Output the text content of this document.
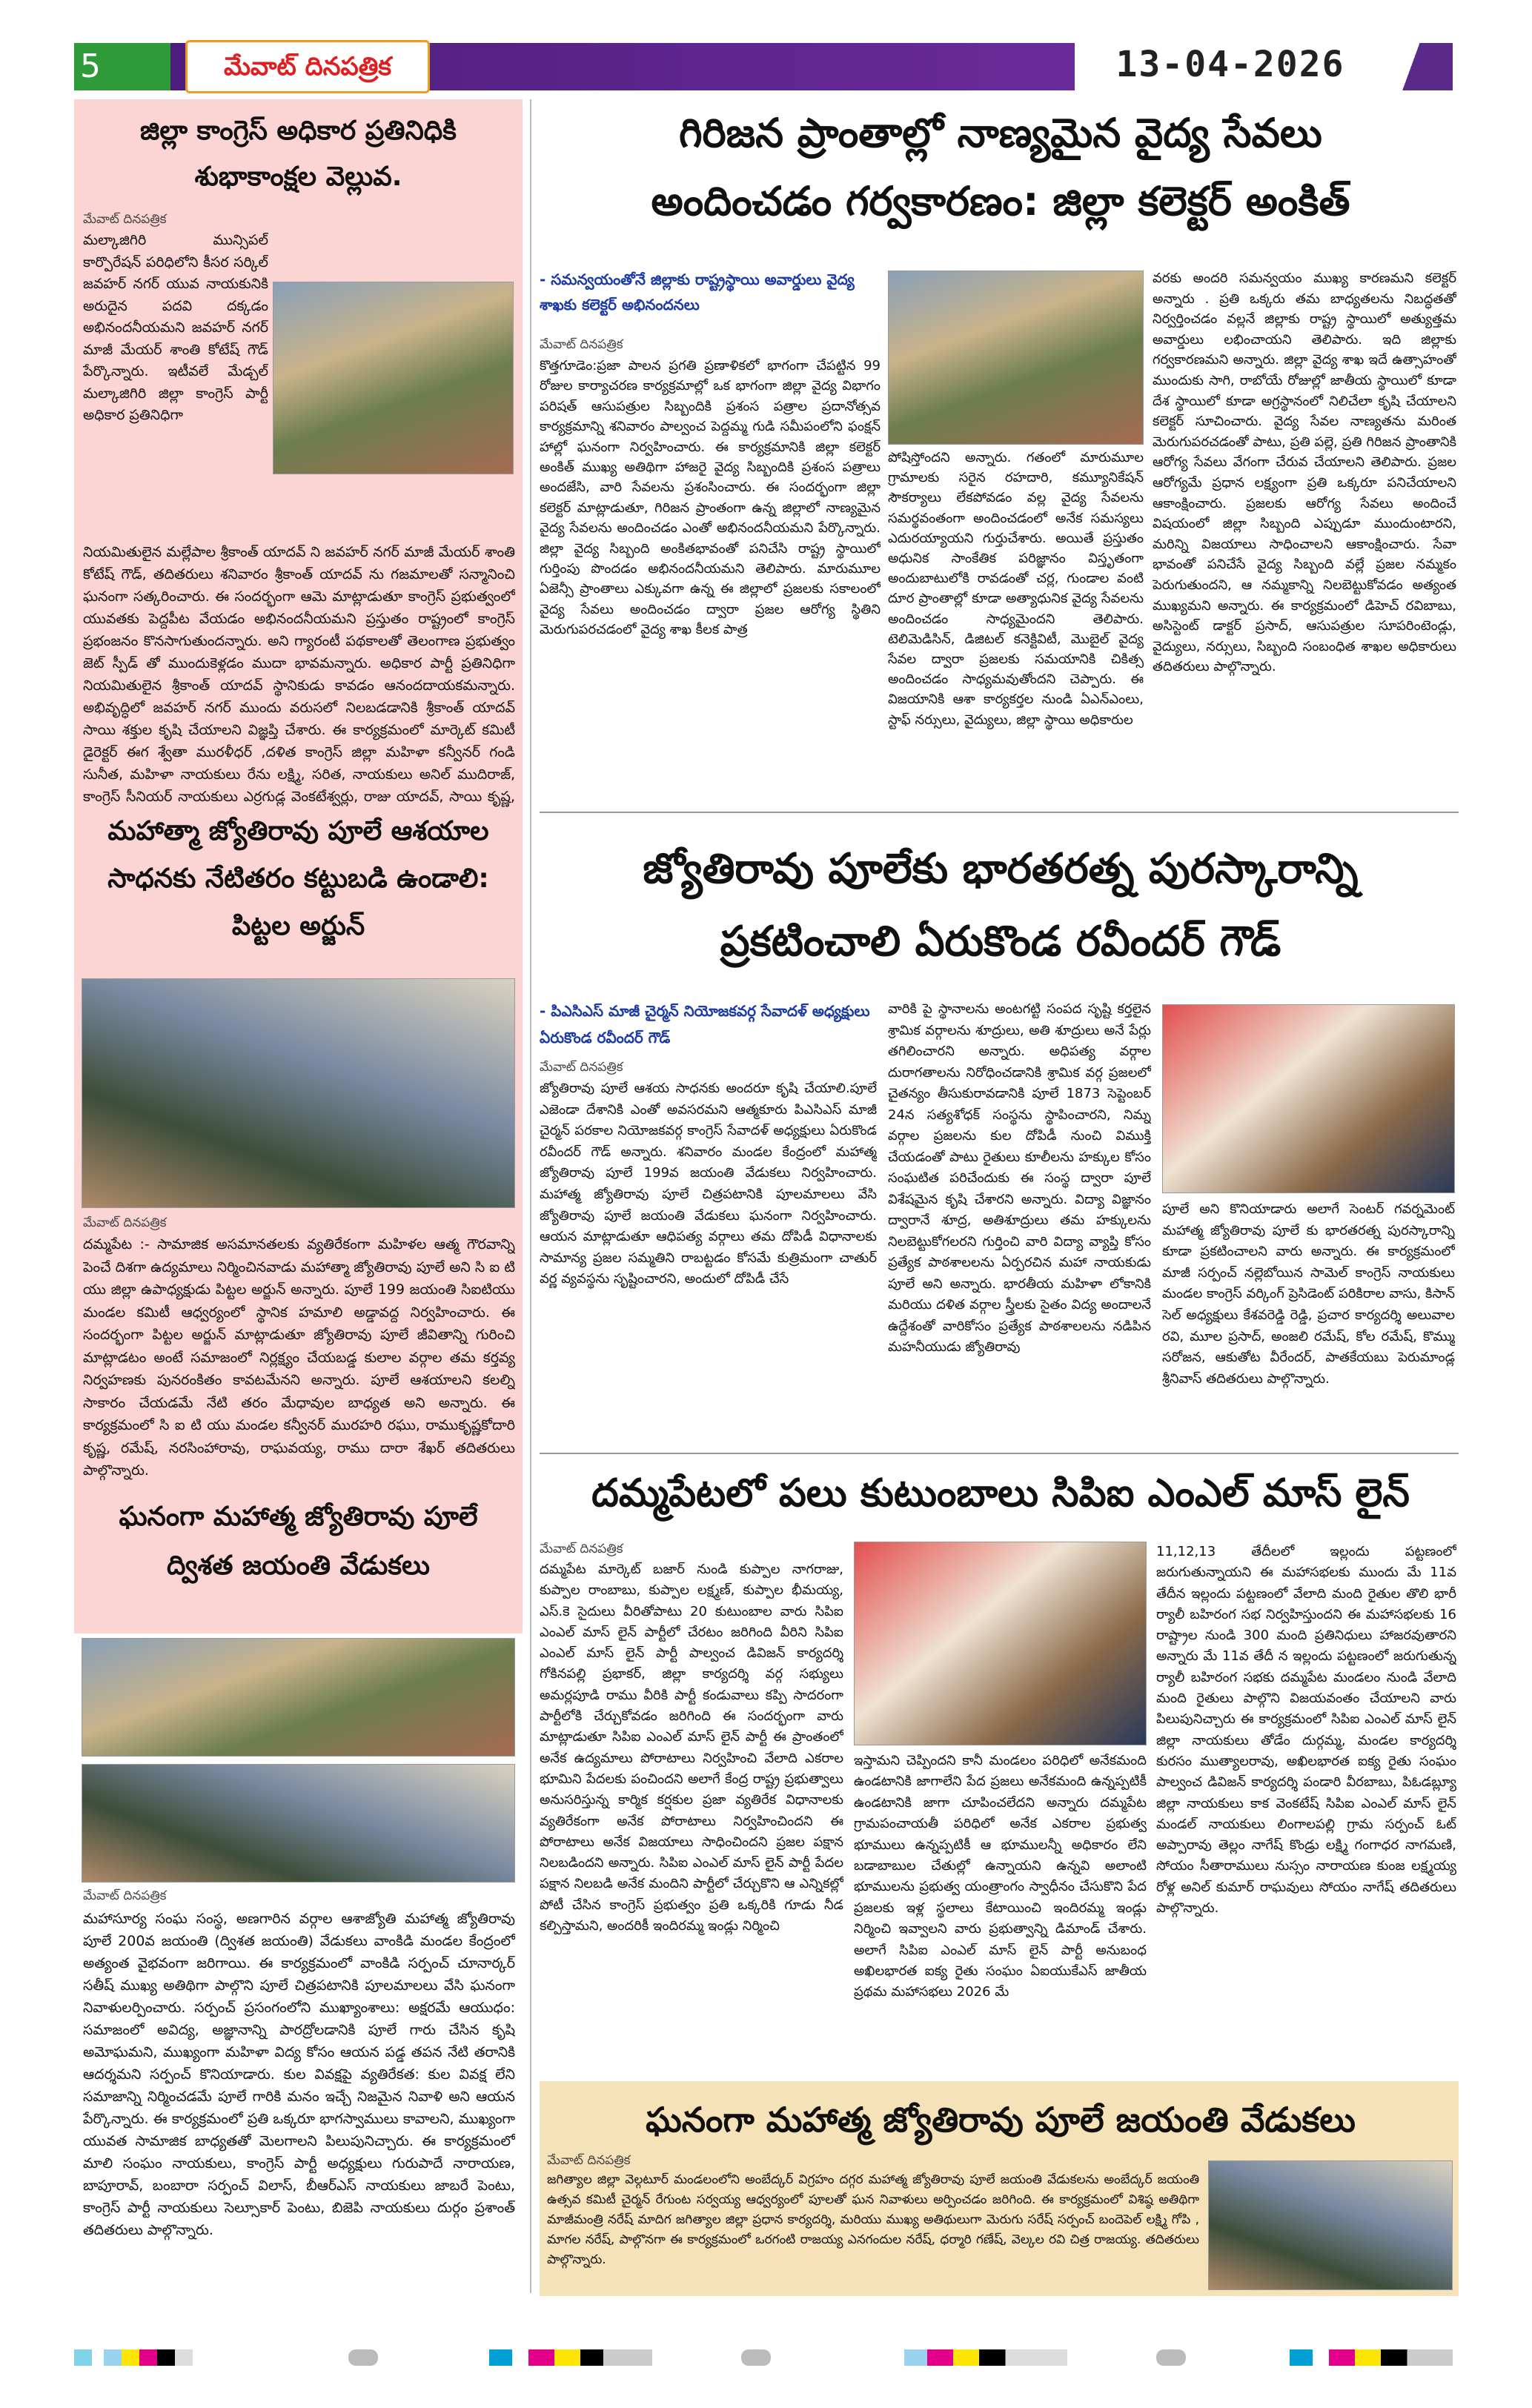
5	మేవాట్ దినపత్రిక	13-04-2026
జిల్లా కాంగ్రెస్ అధికార ప్రతినిధికి శుభాకాంక్షల వెల్లువ.
మేవాట్ దినపత్రిక
మల్కాజిగిరి మున్సిపల్ కార్పొరేషన్ పరిధిలోని కీసర సర్కిల్ జవహర్ నగర్ యువ నాయకునికి అరుదైన పదవి దక్కడం అభినందనీయమని జవహర్ నగర్ మాజీ మేయర్ శాంతి కోటేష్ గౌడ్ పేర్కొన్నారు. ఇటీవలే మేడ్చల్ మల్కాజిగిరి జిల్లా కాంగ్రెస్ పార్టీ అధికార ప్రతినిధిగా
నియమితులైన మల్లేపాల శ్రీకాంత్ యాదవ్ ని జవహర్ నగర్ మాజీ మేయర్ శాంతి కోటేష్ గౌడ్, తదితరులు శనివారం శ్రీకాంత్ యాదవ్ ను గజమాలతో సన్మానించి ఘనంగా సత్కరించారు. ఈ సందర్భంగా ఆమె మాట్లాడుతూ కాంగ్రెస్ ప్రభుత్వంలో యువతకు పెద్దపీట వేయడం అభినందనీయమని ప్రస్తుతం రాష్ట్రంలో కాంగ్రెస్ ప్రభంజనం కొనసాగుతుందన్నారు. అని గ్యారంటీ పథకాలతో తెలంగాణ ప్రభుత్వం జెట్ స్పీడ్ తో ముందుకెళ్లడం ముదా భావమన్నారు. అధికార పార్టీ ప్రతినిధిగా నియమితులైన శ్రీకాంత్ యాదవ్ స్థానికుడు కావడం ఆనందదాయకమన్నారు. అభివృద్ధిలో జవహర్ నగర్ ముందు వరుసలో నిలబడడానికి శ్రీకాంత్ యాదవ్ సాయి శక్తుల కృషి చేయాలని విజ్ఞప్తి చేశారు. ఈ కార్యక్రమంలో మార్కెట్ కమిటీ డైరెక్టర్ ఈగ శ్వేతా మురళీధర్ ,దళిత కాంగ్రెస్ జిల్లా మహిళా కన్వీనర్ గండి సునీత, మహిళా నాయకులు రేను లక్ష్మి, సరిత, నాయకులు అనిల్ ముదిరాజ్, కాంగ్రెస్ సీనియర్ నాయకులు ఎర్రగుడ్ల వెంకటేశ్వర్లు, రాజు యాదవ్, సాయి కృష్ణ,
మహాత్మా జ్యోతిరావు పూలే ఆశయాల సాధనకు నేటితరం కట్టుబడి ఉండాలి: పిట్టల అర్జున్
మేవాట్ దినపత్రిక
దమ్మపేట :- సామాజిక అసమానతలకు వ్యతిరేకంగా మహిళల ఆత్మ గౌరవాన్ని పెంచే దిశగా ఉద్యమాలు నిర్మించినవాడు మహాత్మా జ్యోతిరావు పూలే అని సి ఐ టి యు జిల్లా ఉపాధ్యక్షుడు పిట్టల అర్జున్ అన్నారు. పూలే 199 జయంతి సిఐటియు మండల కమిటీ ఆధ్వర్యంలో స్థానిక హమాలి అడ్డావద్ద నిర్వహించారు. ఈ సందర్భంగా పిట్టల అర్జున్ మాట్లాడుతూ జ్యోతిరావు పూలే జీవితాన్ని గురించి మాట్లాడటం అంటే సమాజంలో నిర్లక్ష్యం చేయబడ్డ కులాల వర్గాల తమ కర్తవ్య నిర్వహణకు పునరంకితం కావటమేనని అన్నారు. పూలే ఆశయాలని కలల్ని సాకారం చేయడమే నేటి తరం మేధావుల బాధ్యత అని అన్నారు. ఈ కార్యక్రమంలో సి ఐ టి యు మండల కన్వీనర్ మురహరి రఘు, రాముకృష్ణకోదారి కృష్ణ, రమేష్, నరసింహారావు, రాఘవయ్య, రాము దారా శేఖర్ తదితరులు పాల్గొన్నారు.
ఘనంగా మహాత్మ జ్యోతిరావు పూలే ద్విశత జయంతి వేడుకలు
మేవాట్ దినపత్రిక
మహాసూర్య సంఘ సంస్థ, అణగారిన వర్గాల ఆశాజ్యోతి మహాత్మ జ్యోతిరావు పూలే 200వ జయంతి (ద్విశత జయంతి) వేడుకలు వాంకిడి మండల కేంద్రంలో అత్యంత వైభవంగా జరిగాయి. ఈ కార్యక్రమంలో వాంకిడి సర్పంచ్ చూనార్కర్ సతీష్ ముఖ్య అతిథిగా పాల్గొని పూలే చిత్రపటానికి పూలమాలలు వేసి ఘనంగా నివాళులర్పించారు. సర్పంచ్ ప్రసంగంలోని ముఖ్యాంశాలు: అక్షరమే ఆయుధం: సమాజంలో అవిద్య, అజ్ఞానాన్ని పారద్రోలడానికి పూలే గారు చేసిన కృషి అమోఘమని, ముఖ్యంగా మహిళా విద్య కోసం ఆయన పడ్డ తపన నేటి తరానికి ఆదర్శమని సర్పంచ్ కొనియాడారు. కుల వివక్షపై వ్యతిరేకత: కుల వివక్ష లేని సమాజాన్ని నిర్మించడమే పూలే గారికి మనం ఇచ్చే నిజమైన నివాళి అని ఆయన పేర్కొన్నారు. ఈ కార్యక్రమంలో ప్రతి ఒక్కరూ భాగస్వాములు కావాలని, ముఖ్యంగా యువత సామాజిక బాధ్యతతో మెలగాలని పిలుపునిచ్చారు. ఈ కార్యక్రమంలో మాలి సంఘం నాయకులు, కాంగ్రెస్ పార్టీ అధ్యక్షులు గురుపాదే నారాయణ, బాపూరావ్, బంబారా సర్పంచ్ విలాస్, బీఆర్ఎస్ నాయకులు జాబరే పెంటు, కాంగ్రెస్ పార్టీ నాయకులు సెల్సూకార్ పెంటు, బిజెపి నాయకులు దుర్గం ప్రశాంత్ తదితరులు పాల్గొన్నారు.
గిరిజన ప్రాంతాల్లో నాణ్యమైన వైద్య సేవలు
అందించడం గర్వకారణం: జిల్లా కలెక్టర్ అంకిత్
- సమన్వయంతోనే జిల్లాకు రాష్ట్రస్థాయి అవార్డులు వైద్య శాఖకు కలెక్టర్ అభినందనలు
మేవాట్ దినపత్రిక
కొత్తగూడెం:ప్రజా పాలన ప్రగతి ప్రణాళికలో భాగంగా చేపట్టిన 99 రోజుల కార్యాచరణ కార్యక్రమాల్లో ఒక భాగంగా జిల్లా వైద్య విభాగం పరిషత్ ఆసుపత్రుల సిబ్బందికి ప్రశంస పత్రాల ప్రదానోత్సవ కార్యక్రమాన్ని శనివారం పాల్వంచ పెద్దమ్మ గుడి సమీపంలోని ఫంక్షన్ హాల్లో ఘనంగా నిర్వహించారు. ఈ కార్యక్రమానికి జిల్లా కలెక్టర్ అంకిత్ ముఖ్య అతిథిగా హాజరై వైద్య సిబ్బందికి ప్రశంస పత్రాలు అందజేసి, వారి సేవలను ప్రశంసించారు. ఈ సందర్భంగా జిల్లా కలెక్టర్ మాట్లాడుతూ, గిరిజన ప్రాంతంగా ఉన్న జిల్లాలో నాణ్యమైన వైద్య సేవలను అందించడం ఎంతో అభినందనీయమని పేర్కొన్నారు. జిల్లా వైద్య సిబ్బంది అంకితభావంతో పనిచేసి రాష్ట్ర స్థాయిలో గుర్తింపు పొందడం అభినందనీయమని తెలిపారు. మారుమూల ఏజెన్సీ ప్రాంతాలు ఎక్కువగా ఉన్న ఈ జిల్లాలో ప్రజలకు సకాలంలో వైద్య సేవలు అందించడం ద్వారా ప్రజల ఆరోగ్య స్థితిని మెరుగుపరచడంలో వైద్య శాఖ కీలక పాత్ర
పోషిస్తోందని అన్నారు. గతంలో మారుమూల గ్రామాలకు సరైన రహదారి, కమ్యూనికేషన్ సౌకర్యాలు లేకపోవడం వల్ల వైద్య సేవలను సమర్థవంతంగా అందించడంలో అనేక సమస్యలు ఎదురయ్యాయని గుర్తుచేశారు. అయితే ప్రస్తుతం అధునిక సాంకేతిక పరిజ్ఞానం విస్తృతంగా అందుబాటులోకి రావడంతో చర్ల, గుండాల వంటి దూర ప్రాంతాల్లో కూడా అత్యాధునిక వైద్య సేవలను అందించడం సాధ్యమైందని తెలిపారు. టెలిమెడిసిన్, డిజిటల్ కనెక్టివిటీ, మొబైల్ వైద్య సేవల ద్వారా ప్రజలకు సమయానికి చికిత్స అందించడం సాధ్యమవుతోందని చెప్పారు. ఈ విజయానికి ఆశా కార్యకర్తల నుండి ఏఎన్ఎంలు, స్టాఫ్ నర్సులు, వైద్యులు, జిల్లా స్థాయి అధికారుల
వరకు అందరి సమన్వయం ముఖ్య కారణమని కలెక్టర్ అన్నారు . ప్రతి ఒక్కరు తమ బాధ్యతలను నిబద్ధతతో నిర్వర్తించడం వల్లనే జిల్లాకు రాష్ట్ర స్థాయిలో అత్యుత్తమ అవార్డులు లభించాయని తెలిపారు. ఇది జిల్లాకు గర్వకారణమని అన్నారు. జిల్లా వైద్య శాఖ ఇదే ఉత్సాహంతో ముందుకు సాగి, రాబోయే రోజుల్లో జాతీయ స్థాయిలో కూడా దేశ స్థాయిలో కూడా అగ్రస్థానంలో నిలిచేలా కృషి చేయాలని కలెక్టర్ సూచించారు. వైద్య సేవల నాణ్యతను మరింత మెరుగుపరచడంతో పాటు, ప్రతి పల్లె, ప్రతి గిరిజన ప్రాంతానికి ఆరోగ్య సేవలు వేగంగా చేరువ చేయాలని తెలిపారు. ప్రజల ఆరోగ్యమే ప్రధాన లక్ష్యంగా ప్రతి ఒక్కరూ పనిచేయాలని ఆకాంక్షించారు. ప్రజలకు ఆరోగ్య సేవలు అందించే విషయంలో జిల్లా సిబ్బంది ఎప్పుడూ ముందుంటారని, మరిన్ని విజయాలు సాధించాలని ఆకాంక్షించారు. సేవా భావంతో పనిచేసే వైద్య సిబ్బంది వల్లే ప్రజల నమ్మకం పెరుగుతుందని, ఆ నమ్మకాన్ని నిలబెట్టుకోవడం అత్యంత ముఖ్యమని అన్నారు. ఈ కార్యక్రమంలో డిహెచ్ రవిబాబు, అసిస్టెంట్ డాక్టర్ ప్రసాద్, ఆసుపత్రుల సూపరింటెండ్లు, వైద్యులు, నర్సులు, సిబ్బంది సంబంధిత శాఖల అధికారులు తదితరులు పాల్గొన్నారు.
జ్యోతిరావు పూలేకు భారతరత్న పురస్కారాన్ని
ప్రకటించాలి ఏరుకొండ రవీందర్ గౌడ్
- పిఎసిఎస్ మాజీ చైర్మన్ నియోజకవర్గ సేవాదళ్ అధ్యక్షులు ఏరుకొండ రవీందర్ గౌడ్
మేవాట్ దినపత్రిక
జ్యోతిరావు పూలే ఆశయ సాధనకు అందరూ కృషి చేయాలి.పూలే ఎజెండా దేశానికి ఎంతో అవసరమని ఆత్మకూరు పిఎసిఎస్ మాజీ చైర్మన్ పరకాల నియోజకవర్గ కాంగ్రెస్ సేవాదళ్ అధ్యక్షులు ఏరుకొండ రవీందర్ గౌడ్ అన్నారు. శనివారం మండల కేంద్రంలో మహాత్మ జ్యోతిరావు పూలే 199వ జయంతి వేడుకలు నిర్వహించారు. మహాత్మ జ్యోతిరావు పూలే చిత్రపటానికి పూలమాలలు వేసి జ్యోతిరావు పూలే జయంతి వేడుకలు ఘనంగా నిర్వహించారు. ఆయన మాట్లాడుతూ ఆధిపత్య వర్గాలు తమ దోపిడీ విధానాలకు సామాన్య ప్రజల సమ్మతిని రాబట్టడం కోసమే కుత్రిమంగా చాతుర్ వర్ణ వ్యవస్థను సృష్టించారని, అందులో దోపిడీ చేసే
వారికి పై స్థానాలను అంటగట్టి సంపద సృష్టి కర్తలైన శ్రామిక వర్గాలను శూద్రులు, అతి శూద్రులు అనే పేర్లు తగిలించారని అన్నారు. అధిపత్య వర్గాల దురాగతాలను నిరోధించడానికి శ్రామిక వర్గ ప్రజలలో చైతన్యం తీసుకురావడానికి పూలే 1873 సెప్టెంబర్ 24న సత్యశోధక్ సంస్థను స్థాపించారని, నిమ్న వర్గాల ప్రజలను కుల దోపిడీ నుంచి విముక్తి చేయడంతో పాటు రైతులు కూలీలను హక్కుల కోసం సంఘటిత పరిచేందుకు ఈ సంస్థ ద్వారా పూలే విశేషమైన కృషి చేశారని అన్నారు. విద్యా విజ్ఞానం ద్వారానే శూద్ర, అతిశూద్రులు తమ హక్కులను నిలబెట్టుకోగలరని గుర్తించి వారి విద్యా వ్యాప్తి కోసం ప్రత్యేక పాఠశాలలను ఏర్పరచిన మహా నాయకుడు పూలే అని అన్నారు. భారతీయ మహిళా లోకానికి మరియు దళిత వర్గాల స్త్రీలకు సైతం విద్య అందాలనే ఉద్దేశంతో వారికోసం ప్రత్యేక పాఠశాలలను నడిపిన మహనీయుడు జ్యోతిరావు
పూలే అని కొనియాడారు అలాగే సెంటర్ గవర్నమెంట్ మహాత్మ జ్యోతిరావు పూలే కు భారతరత్న పురస్కారాన్ని కూడా ప్రకటించాలని వారు అన్నారు. ఈ కార్యక్రమంలో మాజీ సర్పంచ్ నల్లెబోయిన సామెల్ కాంగ్రెస్ నాయకులు మండల కాంగ్రెస్ వర్కింగ్ ప్రెసిడెంట్ పరికిరాల వాసు, కిసాన్ సెల్ అధ్యక్షులు కేశవరెడ్డి రెడ్డి, ప్రచార కార్యదర్శి అలువాల రవి, మూల ప్రసాద్, అంజలి రమేష్, కోల రమేష్, కొమ్ము సరోజన, ఆకుతోట వీరేందర్, పాతకేయబు పెరుమాండ్ల శ్రీనివాస్ తదితరులు పాల్గొన్నారు.
దమ్మపేటలో పలు కుటుంబాలు సిపిఐ ఎంఎల్ మాస్ లైన్
మేవాట్ దినపత్రిక
దమ్మపేట మార్కెట్ బజార్ నుండి కుప్పాల నాగరాజు, కుప్పాల రాంబాబు, కుప్పాల లక్ష్మణ్, కుప్పాల భీమయ్య, ఎస్.కె సైదులు వీరితోపాటు 20 కుటుంబాల వారు సిపిఐ ఎంఎల్ మాస్ లైన్ పార్టీలో చేరటం జరిగింది వీరిని సిపిఐ ఎంఎల్ మాస్ లైన్ పార్టీ పాల్వంచ డివిజన్ కార్యదర్శి గోకినపల్లి ప్రభాకర్, జిల్లా కార్యదర్శి వర్గ సభ్యులు అమర్లపూడి రాము వీరికి పార్టీ కండువాలు కప్పి సాదరంగా పార్టీలోకి చేర్చుకోవడం జరిగింది ఈ సందర్భంగా వారు మాట్లాడుతూ సిపిఐ ఎంఎల్ మాస్ లైన్ పార్టీ ఈ ప్రాంతంలో అనేక ఉద్యమాలు పోరాటాలు నిర్వహించి వేలాది ఎకరాల భూమిని పేదలకు పంచిందని అలాగే కేంద్ర రాష్ట్ర ప్రభుత్వాలు అనుసరిస్తున్న కార్మిక కర్షకుల ప్రజా వ్యతిరేక విధానాలకు వ్యతిరేకంగా అనేక పోరాటాలు నిర్వహించిందని ఈ పోరాటాలు అనేక విజయాలు సాధించిందని ప్రజల పక్షాన నిలబడిందని అన్నారు. సిపిఐ ఎంఎల్ మాస్ లైన్ పార్టీ పేదల పక్షాన నిలబడి అనేక మందిని పార్టీలో చేర్చుకొని ఆ ఎన్నికల్లో పోటీ చేసిన కాంగ్రెస్ ప్రభుత్వం ప్రతి ఒక్కరికి గూడు నీడ కల్పిస్తామని, అందరికీ ఇందిరమ్మ ఇండ్లు నిర్మించి
ఇస్తామని చెప్పిందని కానీ మండలం పరిధిలో అనేకమంది ఉండటానికి జాగాలేని పేద ప్రజలు అనేకమంది ఉన్నప్పటికీ ఉండటానికి జాగా చూపించలేదని అన్నారు దమ్మపేట గ్రామపంచాయతీ పరిధిలో అనేక ఎకరాల ప్రభుత్వ భూములు ఉన్నప్పటికీ ఆ భూములన్నీ అధికారం లేని బడాబాబుల చేతుల్లో ఉన్నాయని ఉన్నవి అలాంటి భూములను ప్రభుత్వ యంత్రాంగం స్వాధీనం చేసుకొని పేద ప్రజలకు ఇళ్ల స్థలాలు కేటాయించి ఇందిరమ్మ ఇండ్లు నిర్మించి ఇవ్వాలని వారు ప్రభుత్వాన్ని డిమాండ్ చేశారు. అలాగే సిపిఐ ఎంఎల్ మాస్ లైన్ పార్టీ అనుబంధ అఖిలభారత ఐక్య రైతు సంఘం ఏఐయుకేఎస్ జాతీయ ప్రథమ మహాసభలు 2026 మే
11,12,13 తేదీలలో ఇల్లందు పట్టణంలో జరుగుతున్నాయని ఈ మహాసభలకు ముందు మే 11వ తేదీన ఇల్లందు పట్టణంలో వేలాది మంది రైతుల తొలి భారీ ర్యాలీ బహిరంగ సభ నిర్వహిస్తుందని ఈ మహాసభలకు 16 రాష్ట్రాల నుండి 300 మంది ప్రతినిధులు హాజరవుతారని అన్నారు మే 11వ తేదీ న ఇల్లందు పట్టణంలో జరుగుతున్న ర్యాలీ బహిరంగ సభకు దమ్మపేట మండలం నుండి వేలాది మంది రైతులు పాల్గొని విజయవంతం చేయాలని వారు పిలుపునిచ్చారు ఈ కార్యక్రమంలో సిపిఐ ఎంఎల్ మాస్ లైన్ జిల్లా నాయకులు తోడేం దుర్గమ్మ, మండల కార్యదర్శి కురసం ముత్యాలరావు, అఖిలభారత ఐక్య రైతు సంఘం పాల్వంచ డివిజన్ కార్యదర్శి పండారి వీరబాబు, పిఓడబ్ల్యూ జిల్లా నాయకులు కాక వెంకటేష్ సిపిఐ ఎంఎల్ మాస్ లైన్ మండల్ నాయకులు లింగాలపల్లి గ్రామ సర్పంచ్ ఓట్ అప్పారావు తెల్లం నాగేష్ కొండ్రు లక్ష్మి గంగాధర నాగమణి, సోయం సీతారాములు నుస్సం నారాయణ కుంజ లక్ష్మయ్య రోళ్ల అనిల్ కుమార్ రాఘవులు సోయం నాగేష్ తదితరులు పాల్గొన్నారు.
ఘనంగా మహాత్మ జ్యోతిరావు పూలే జయంతి వేడుకలు
మేవాట్ దినపత్రిక
జగిత్యాల జిల్లా వెల్గటూర్ మండలంలోని అంబేద్కర్ విగ్రహం దగ్గర మహాత్మ జ్యోతిరావు పూలే జయంతి వేడుకలను అంబేద్కర్ జయంతి ఉత్సవ కమిటీ చైర్మన్ రేగుంట సర్వయ్య ఆధ్వర్యంలో పూలతో ఘన నివాళులు అర్పించడం జరిగింది. ఈ కార్యక్రమంలో విశిష్ఠ అతిథిగా మాజీమంత్రి నరేష్ మాదిగ జగిత్యాల జిల్లా ప్రధాన కార్యదర్శి, మరియు ముఖ్య అతిథులుగా మెరుగు సరేష్ సర్పంచ్ బందెపెల్ లక్ష్మి గోపి , మాగల నరేష్, పాల్గొనగా ఈ కార్యక్రమంలో ఒరగంటి రాజయ్య ఎనగందుల నరేష్, ధర్మారి గణేష్, వెల్కల రవి చిత్ర రాజయ్య. తదితరులు పాల్గొన్నారు.
